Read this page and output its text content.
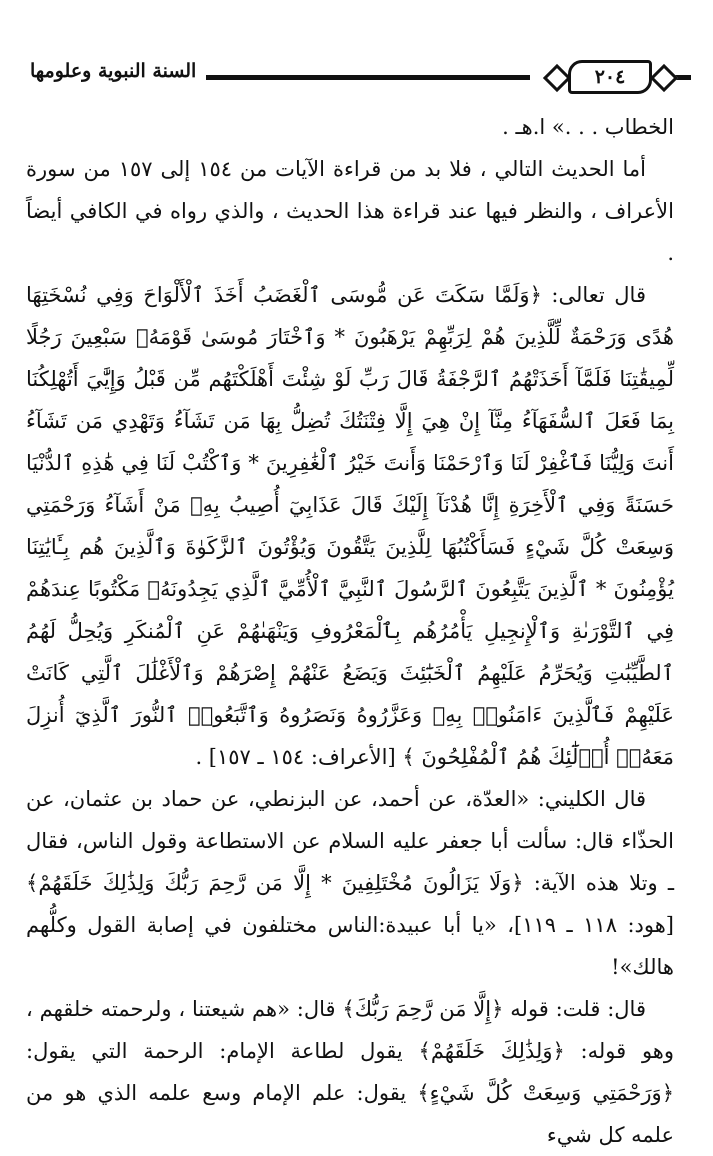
٢٠٤
السنة النبوية وعلومها

الخطاب . . .» ا.هـ .

أما الحديث التالي ، فلا بد من قراءة الآيات من ١٥٤ إلى ١٥٧ من سورة الأعراف ، والنظر فيها عند قراءة هذا الحديث ، والذي رواه في الكافي أيضاً .

قال تعالى: ﴿وَلَمَّا سَكَتَ عَن مُّوسَى ٱلْغَضَبُ أَخَذَ ٱلْأَلْوَاحَ وَفِي نُسْخَتِهَا هُدًى وَرَحْمَةٌ لِّلَّذِينَ هُمْ لِرَبِّهِمْ يَرْهَبُونَ * وَٱخْتَارَ مُوسَىٰ قَوْمَهُۥ سَبْعِينَ رَجُلًا لِّمِيقَٰتِنَا فَلَمَّآ أَخَذَتْهُمُ ٱلرَّجْفَةُ قَالَ رَبِّ لَوْ شِئْتَ أَهْلَكْتَهُم مِّن قَبْلُ وَإِيَّٰيَ أَتُهْلِكُنَا بِمَا فَعَلَ ٱلسُّفَهَآءُ مِنَّآ إِنْ هِيَ إِلَّا فِتْنَتُكَ تُضِلُّ بِهَا مَن تَشَآءُ وَتَهْدِي مَن تَشَآءُ أَنتَ وَلِيُّنَا فَٱغْفِرْ لَنَا وَٱرْحَمْنَا وَأَنتَ خَيْرُ ٱلْغَٰفِرِينَ * وَٱكْتُبْ لَنَا فِي هَٰذِهِ ٱلدُّنْيَا حَسَنَةً وَفِي ٱلْأَخِرَةِ إِنَّا هُدْنَآ إِلَيْكَ قَالَ عَذَابِيٓ أُصِيبُ بِهِۦ مَنْ أَشَآءُ وَرَحْمَتِي وَسِعَتْ كُلَّ شَيْءٍ فَسَأَكْتُبُهَا لِلَّذِينَ يَتَّقُونَ وَيُؤْتُونَ ٱلزَّكَوٰةَ وَٱلَّذِينَ هُم بِـَٔايَٰتِنَا يُؤْمِنُونَ * ٱلَّذِينَ يَتَّبِعُونَ ٱلرَّسُولَ ٱلنَّبِيَّ ٱلْأُمِّيَّ ٱلَّذِي يَجِدُونَهُۥ مَكْتُوبًا عِندَهُمْ فِي ٱلتَّوْرَىٰةِ وَٱلْإِنجِيلِ يَأْمُرُهُم بِٱلْمَعْرُوفِ وَيَنْهَىٰهُمْ عَنِ ٱلْمُنكَرِ وَيُحِلُّ لَهُمُ ٱلطَّيِّبَٰتِ وَيُحَرِّمُ عَلَيْهِمُ ٱلْخَبَٰٓئِثَ وَيَضَعُ عَنْهُمْ إِصْرَهُمْ وَٱلْأَغْلَٰلَ ٱلَّتِي كَانَتْ عَلَيْهِمْ فَٱلَّذِينَ ءَامَنُوا۟ بِهِۦ وَعَزَّرُوهُ وَنَصَرُوهُ وَٱتَّبَعُوا۟ ٱلنُّورَ ٱلَّذِيٓ أُنزِلَ مَعَهُۥٓ أُو۟لَٰٓئِكَ هُمُ ٱلْمُفْلِحُونَ ﴾ [الأعراف: ١٥٤ ـ ١٥٧] .

قال الكليني: «العدّة، عن أحمد، عن البزنطي، عن حماد بن عثمان، عن الحذّاء قال: سألت أبا جعفر عليه السلام عن الاستطاعة وقول الناس، فقال ـ وتلا هذه الآية: ﴿وَلَا يَزَالُونَ مُخْتَلِفِينَ * إِلَّا مَن رَّحِمَ رَبُّكَ وَلِذَٰلِكَ خَلَقَهُمْ﴾ [هود: ١١٨ ـ ١١٩]، «يا أبا عبيدة:الناس مختلفون في إصابة القول وكلُّهم هالك»!

قال: قلت: قوله ﴿إِلَّا مَن رَّحِمَ رَبُّكَ﴾ قال: «هم شيعتنا ، ولرحمته خلقهم ، وهو قوله: ﴿وَلِذَٰلِكَ خَلَقَهُمْ﴾ يقول لطاعة الإمام: الرحمة التي يقول: ﴿وَرَحْمَتِي وَسِعَتْ كُلَّ شَيْءٍ﴾ يقول: علم الإمام وسع علمه الذي هو من علمه كل شيء
